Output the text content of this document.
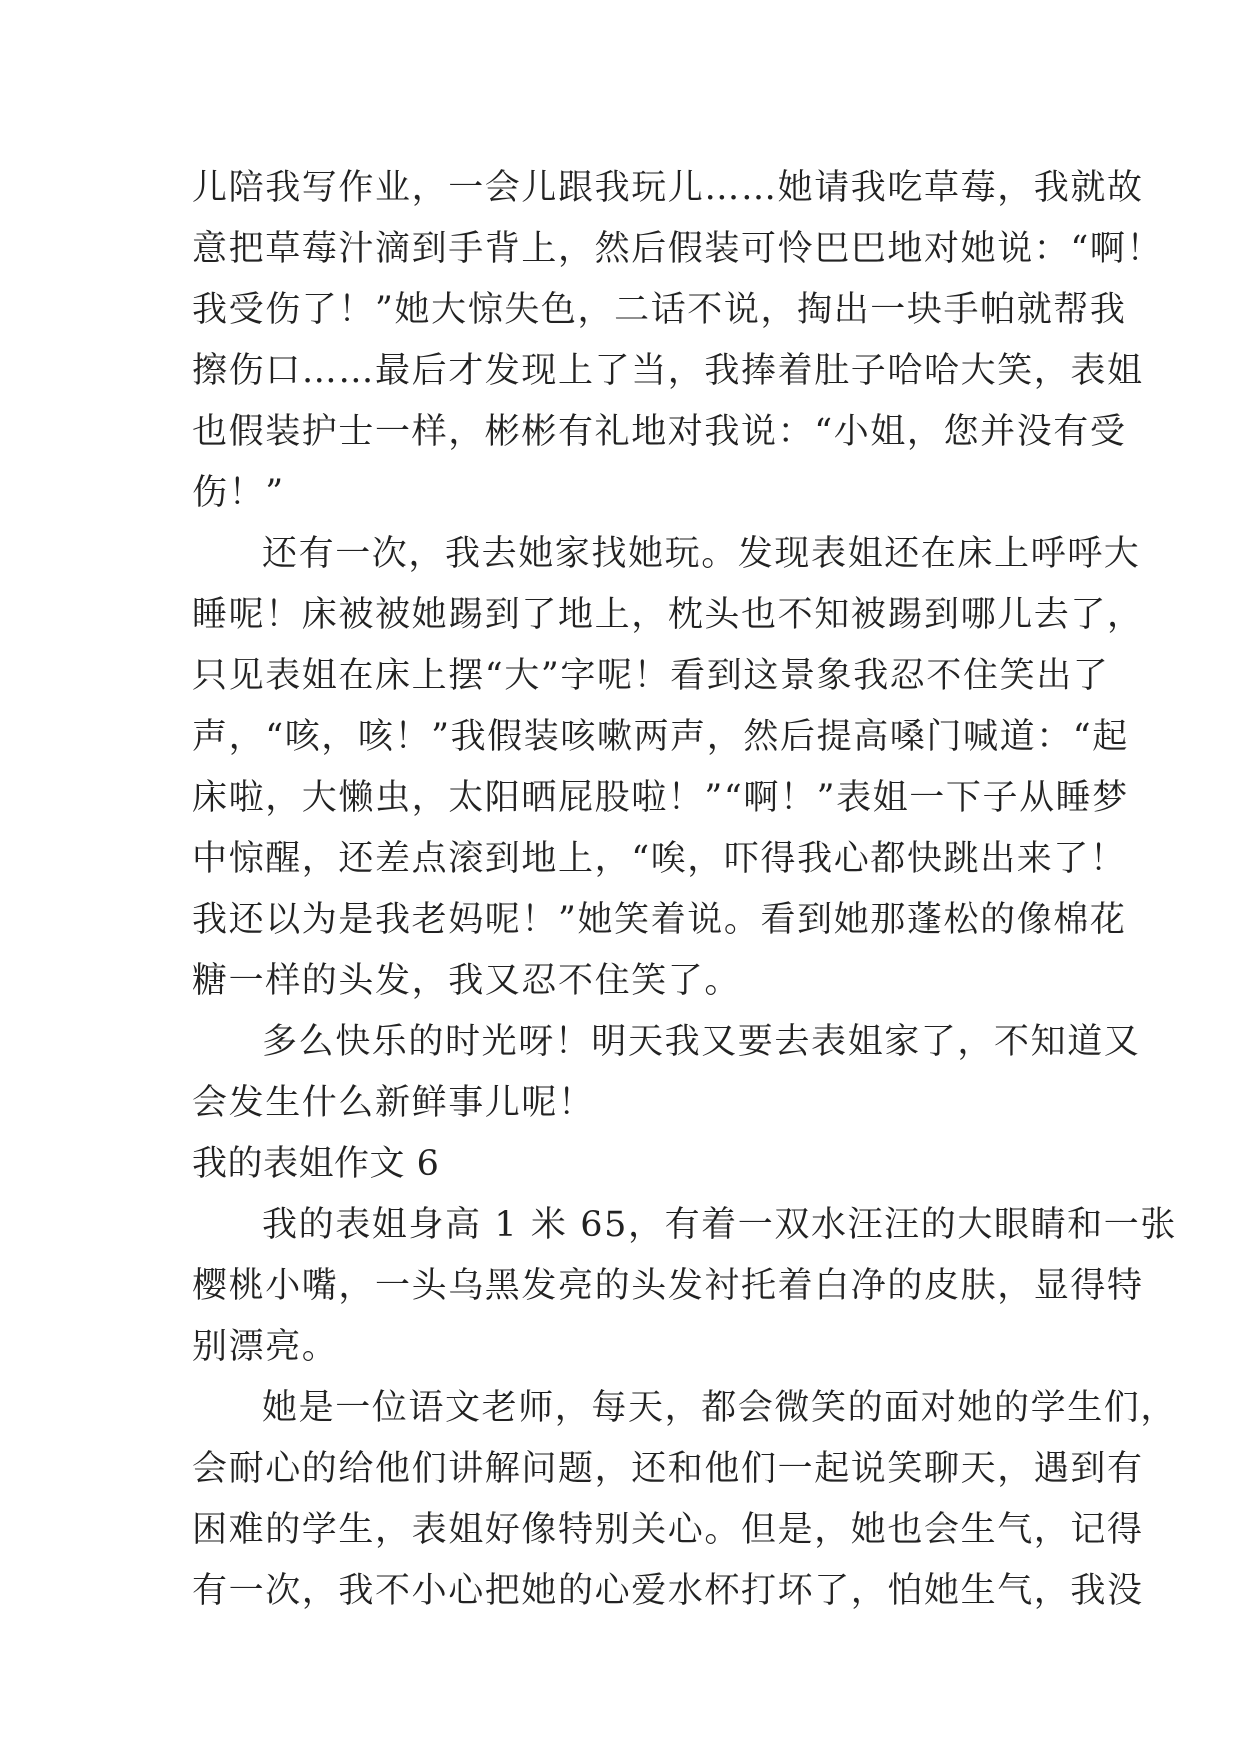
儿陪我写作业，一会儿跟我玩儿……她请我吃草莓，我就故
意把草莓汁滴到手背上，然后假装可怜巴巴地对她说：“啊！
我受伤了！”她大惊失色，二话不说，掏出一块手帕就帮我
擦伤口……最后才发现上了当，我捧着肚子哈哈大笑，表姐
也假装护士一样，彬彬有礼地对我说：“小姐，您并没有受
伤！”
还有一次，我去她家找她玩。发现表姐还在床上呼呼大
睡呢！床被被她踢到了地上，枕头也不知被踢到哪儿去了，
只见表姐在床上摆“大”字呢！看到这景象我忍不住笑出了
声，“咳，咳！”我假装咳嗽两声，然后提高嗓门喊道：“起
床啦，大懒虫，太阳晒屁股啦！”“啊！”表姐一下子从睡梦
中惊醒，还差点滚到地上，“唉，吓得我心都快跳出来了！
我还以为是我老妈呢！”她笑着说。看到她那蓬松的像棉花
糖一样的头发，我又忍不住笑了。
多么快乐的时光呀！明天我又要去表姐家了，不知道又
会发生什么新鲜事儿呢！
我的表姐作文 6
我的表姐身高 1 米 65，有着一双水汪汪的大眼睛和一张
樱桃小嘴，一头乌黑发亮的头发衬托着白净的皮肤，显得特
别漂亮。
她是一位语文老师，每天，都会微笑的面对她的学生们，
会耐心的给他们讲解问题，还和他们一起说笑聊天，遇到有
困难的学生，表姐好像特别关心。但是，她也会生气，记得
有一次，我不小心把她的心爱水杯打坏了，怕她生气，我没
